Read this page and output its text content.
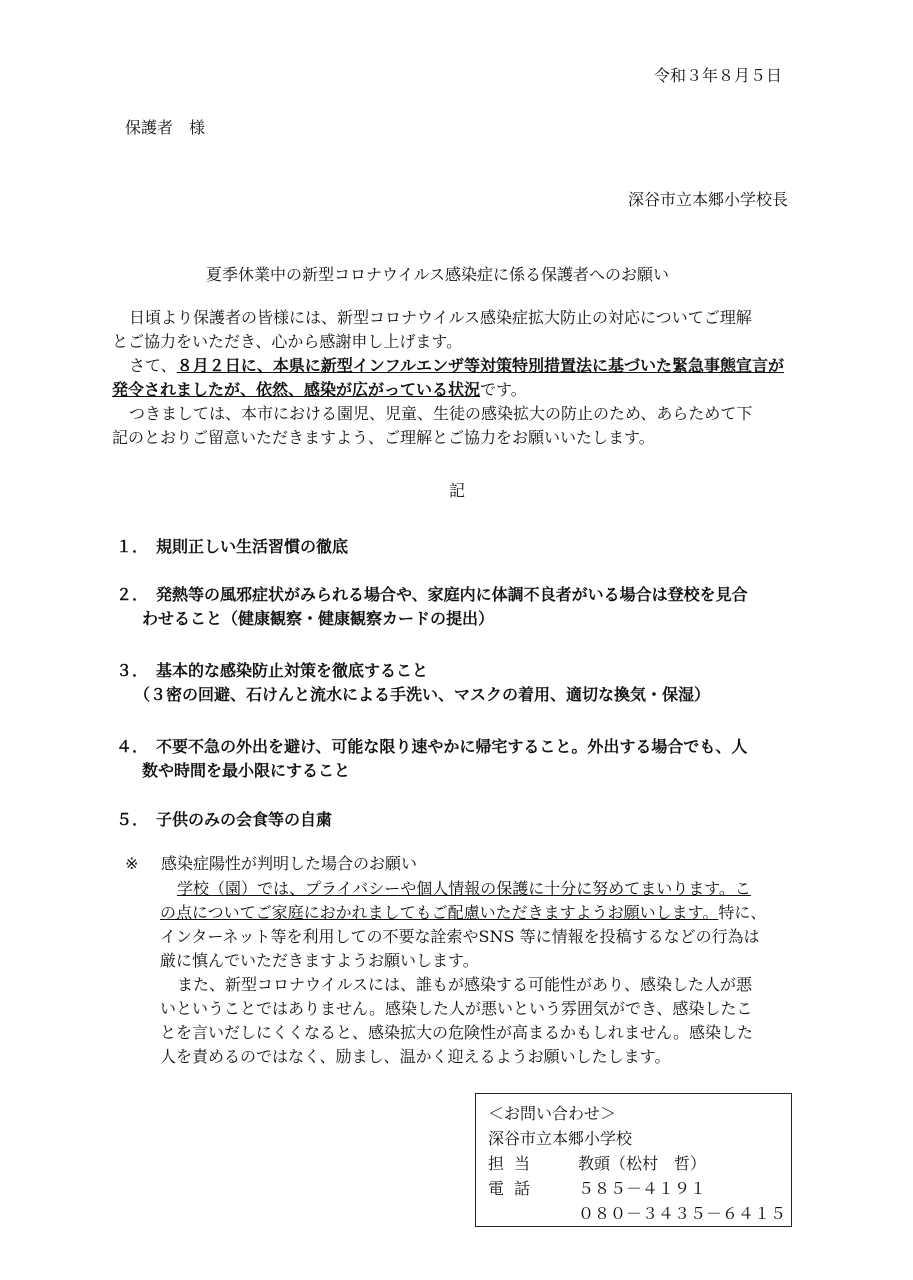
令和３年８月５日
保護者　様
深谷市立本郷小学校長
夏季休業中の新型コロナウイルス感染症に係る保護者へのお願い
日頃より保護者の皆様には、新型コロナウイルス感染症拡大防止の対応についてご理解
とご協力をいただき、心から感謝申し上げます。
さて、８月２日に、本県に新型インフルエンザ等対策特別措置法に基づいた緊急事態宣言が
発令されましたが、依然、感染が広がっている状況です。
つきましては、本市における園児、児童、生徒の感染拡大の防止のため、あらためて下
記のとおりご留意いただきますよう、ご理解とご協力をお願いいたします。
記
１． 規則正しい生活習慣の徹底
２． 発熱等の風邪症状がみられる場合や、家庭内に体調不良者がいる場合は登校を見合
わせること（健康観察・健康観察カードの提出）
３． 基本的な感染防止対策を徹底すること
（３密の回避、石けんと流水による手洗い、マスクの着用、適切な換気・保湿）
４． 不要不急の外出を避け、可能な限り速やかに帰宅すること。外出する場合でも、人
数や時間を最小限にすること
５． 子供のみの会食等の自粛
※ 感染症陽性が判明した場合のお願い
学校（園）では、プライバシーや個人情報の保護に十分に努めてまいります。こ
の点についてご家庭におかれましてもご配慮いただきますようお願いします。特に、
インターネット等を利用しての不要な詮索やSNS 等に情報を投稿するなどの行為は
厳に慎んでいただきますようお願いします。
また、新型コロナウイルスには、誰もが感染する可能性があり、感染した人が悪
いということではありません。感染した人が悪いという雰囲気ができ、感染したこ
とを言いだしにくくなると、感染拡大の危険性が高まるかもしれません。感染した
人を責めるのではなく、励まし、温かく迎えるようお願いしたします。
＜お問い合わせ＞
深谷市立本郷小学校
担当 教頭（松村　哲）
電話 ５８５－４１９１
０８０－３４３５－６４１５
